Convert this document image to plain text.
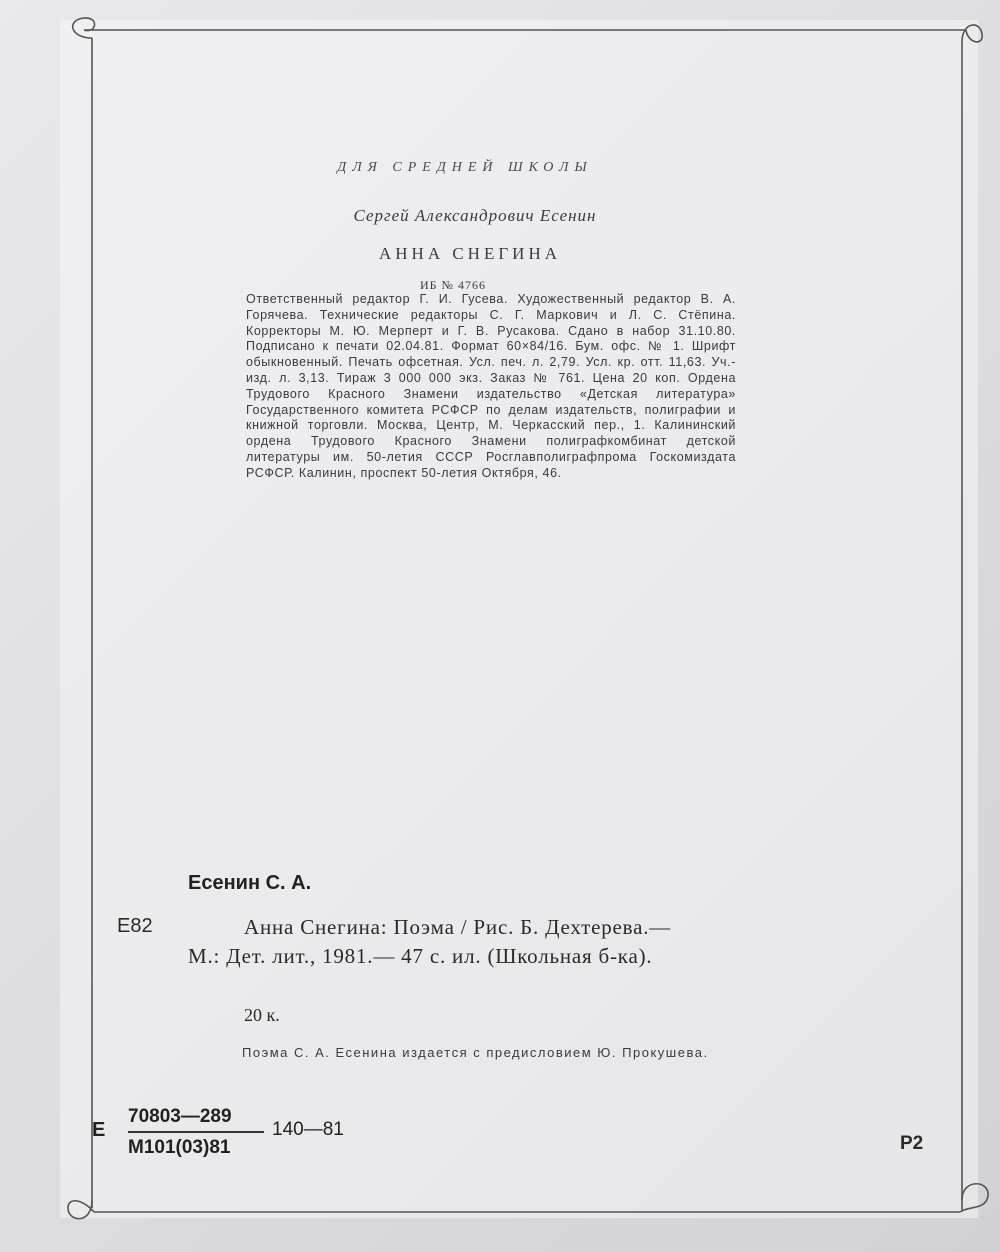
ДЛЯ СРЕДНЕЙ ШКОЛЫ

Сергей Александрович Есенин

АННА СНЕГИНА

ИБ № 4766

Ответственный редактор Г. И. Гусева. Художественный редактор В. А. Горячева. Технические редакторы С. Г. Маркович и Л. С. Стёпина. Корректоры М. Ю. Мерперт и Г. В. Русакова. Сдано в набор 31.10.80. Подписано к печати 02.04.81. Формат 60×84/16. Бум. офс. № 1. Шрифт обыкновенный. Печать офсетная. Усл. печ. л. 2,79. Усл. кр. отт. 11,63. Уч.-изд. л. 3,13. Тираж 3 000 000 экз. Заказ № 761. Цена 20 коп. Ордена Трудового Красного Знамени издательство «Детская литература» Государственного комитета РСФСР по делам издательств, полиграфии и книжной торговли. Москва, Центр, М. Черкасский пер., 1. Калининский ордена Трудового Красного Знамени полиграфкомбинат детской литературы им. 50-летия СССР Росглавполиграфпрома Госкомиздата РСФСР. Калинин, проспект 50-летия Октября, 46.

Есенин С. А.

Е82	Анна Снегина: Поэма / Рис. Б. Дехтерева.—

М.: Дет. лит., 1981.— 47 с. ил. (Школьная б-ка).

20 к.

Поэма С. А. Есенина издается с предисловием Ю. Прокушева.

Е

70803—289

М101(03)81

140—81

Р2
